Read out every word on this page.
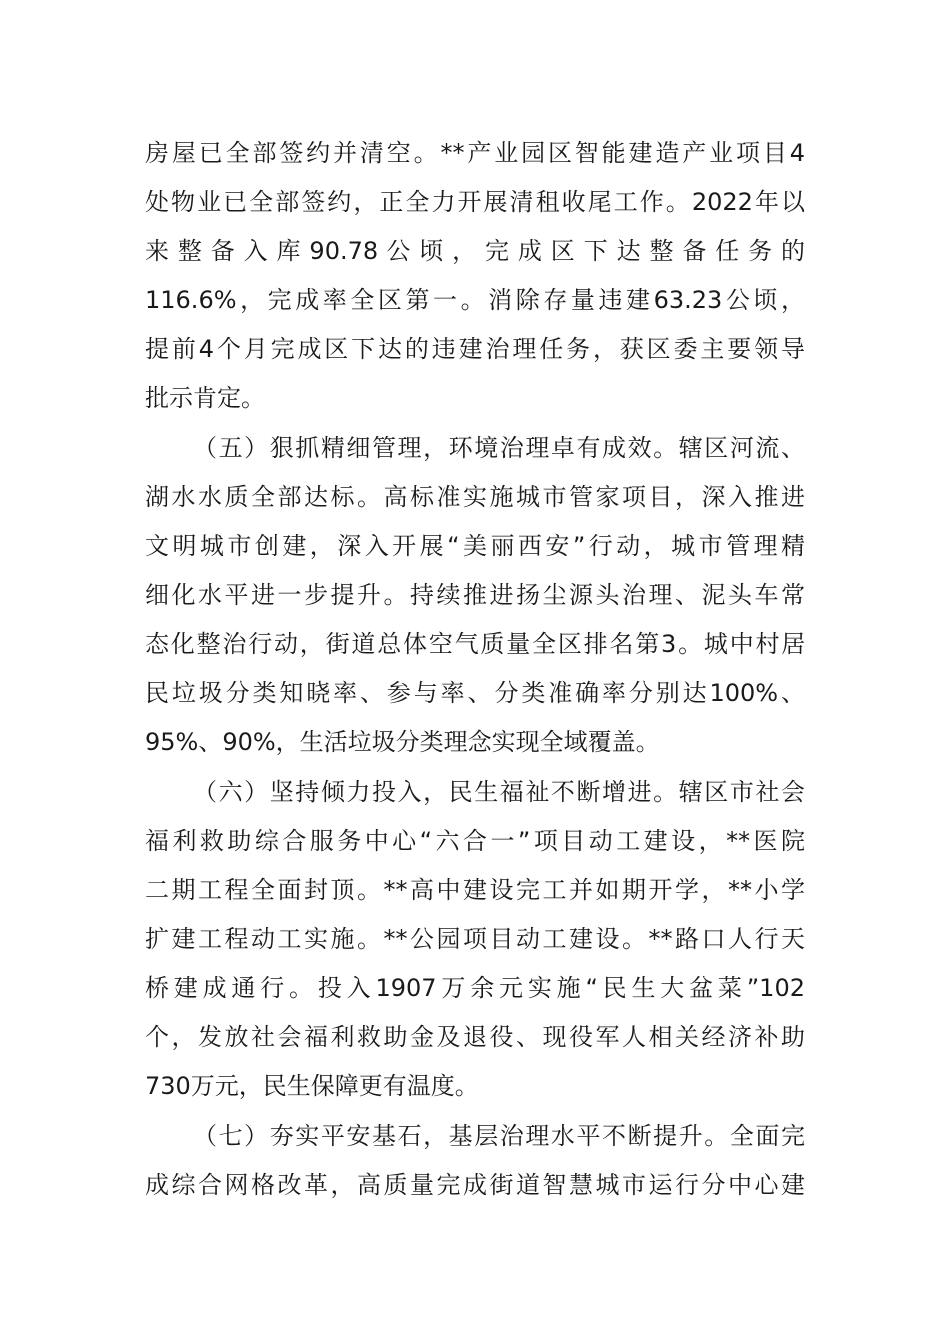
房屋已全部签约并清空。**产业园区智能建造产业项目4
处物业已全部签约，正全力开展清租收尾工作。2022年以
来 整 备 入 库 90.78 公 顷 ， 完 成 区 下 达 整 备 任 务 的
116.6%，完成率全区第一。消除存量违建63.23公顷，
提前4个月完成区下达的违建治理任务，获区委主要领导
批示肯定。
（五）狠抓精细管理，环境治理卓有成效。辖区河流、
湖水水质全部达标。高标准实施城市管家项目，深入推进
文明城市创建，深入开展“美丽西安”行动，城市管理精
细化水平进一步提升。持续推进扬尘源头治理、泥头车常
态化整治行动，街道总体空气质量全区排名第3。城中村居
民垃圾分类知晓率、参与率、分类准确率分别达100%、
95%、90%，生活垃圾分类理念实现全域覆盖。
（六）坚持倾力投入，民生福祉不断增进。辖区市社会
福利救助综合服务中心“六合一”项目动工建设，**医院
二期工程全面封顶。**高中建设完工并如期开学，**小学
扩建工程动工实施。**公园项目动工建设。**路口人行天
桥建成通行。投入1907万余元实施“民生大盆菜”102
个，发放社会福利救助金及退役、现役军人相关经济补助
730万元，民生保障更有温度。
（七）夯实平安基石，基层治理水平不断提升。全面完
成综合网格改革，高质量完成街道智慧城市运行分中心建
